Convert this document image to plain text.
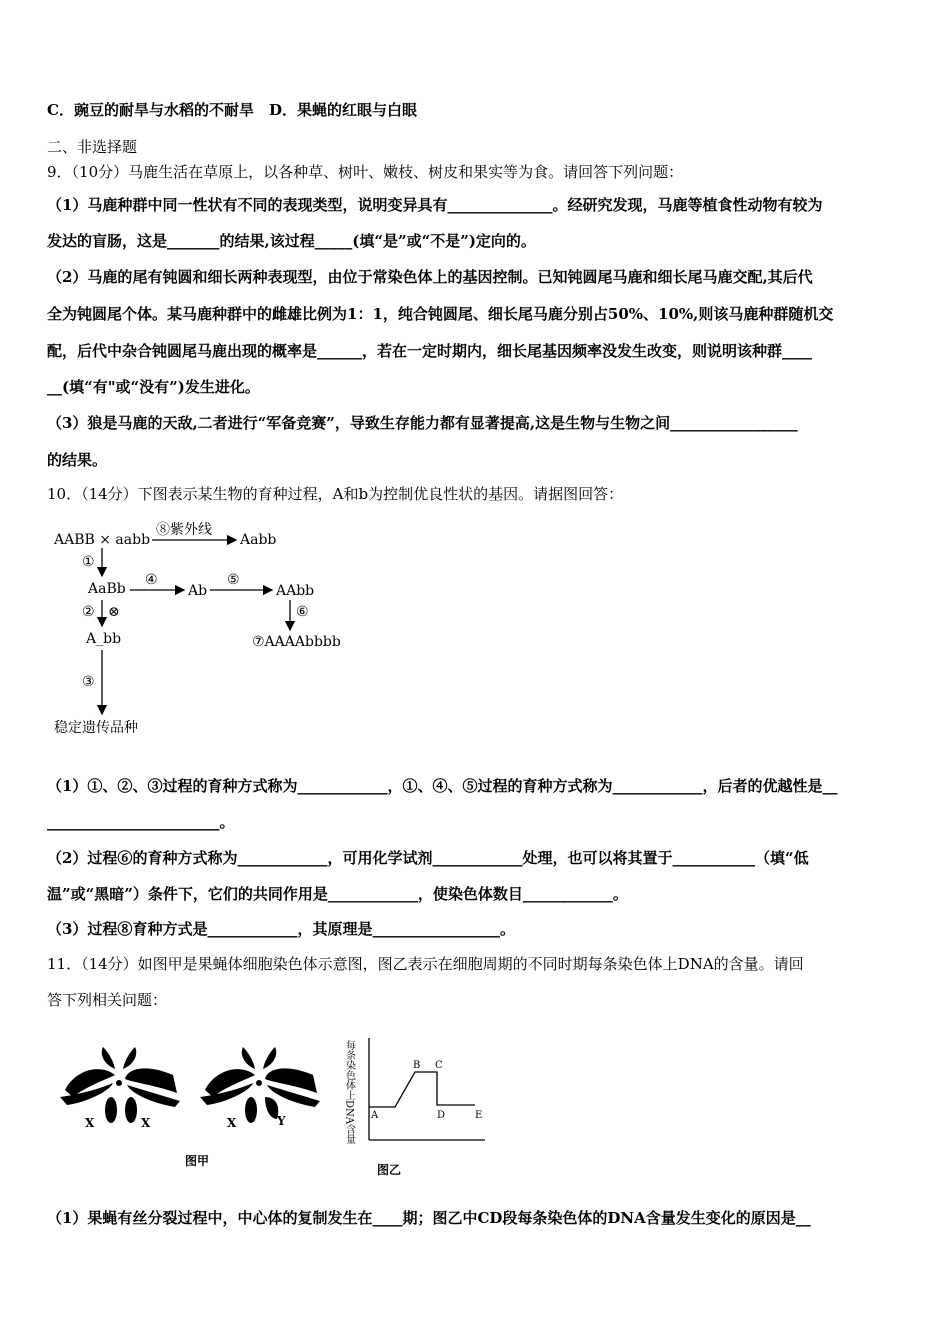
C．豌豆的耐旱与水稻的不耐旱　D．果蝇的红眼与白眼
二、非选择题
9．（10分）马鹿生活在草原上，以各种草、树叶、嫩枝、树皮和果实等为食。请回答下列问题：
（1）马鹿种群中同一性状有不同的表现类型，说明变异具有______________。经研究发现，马鹿等植食性动物有较为
发达的盲肠，这是_______的结果,该过程_____(填“是”或“不是”)定向的。
（2）马鹿的尾有钝圆和细长两种表现型，由位于常染色体上的基因控制。已知钝圆尾马鹿和细长尾马鹿交配,其后代
全为钝圆尾个体。某马鹿种群中的雌雄比例为1：1，纯合钝圆尾、细长尾马鹿分别占50%、10%,则该马鹿种群随机交
配，后代中杂合钝圆尾马鹿出现的概率是______，若在一定时期内，细长尾基因频率没发生改变，则说明该种群____
__(填“有"或“没有”)发生进化。
（3）狼是马鹿的天敌,二者进行“军备竞赛”，导致生存能力都有显著提高,这是生物与生物之间_________________
的结果。
10．（14分）下图表示某生物的育种过程，A和b为控制优良性状的基因。请据图回答：
AABB × aabb
⑧紫外线
Aabb
①
AaBb
④
Ab
⑤
AAbb
② ⊗	⑥
A_bb	⑦AAAAbbbb
③
稳定遗传品种
（1）①、②、③过程的育种方式称为____________，①、④、⑤过程的育种方式称为____________，后者的优越性是__
_______________________。
（2）过程⑥的育种方式称为____________，可用化学试剂____________处理，也可以将其置于___________（填“低
温”或“黑暗”）条件下，它们的共同作用是____________，使染色体数目____________。
（3）过程⑧育种方式是____________，其原理是_________________。
11．（14分）如图甲是果蝇体细胞染色体示意图，图乙表示在细胞周期的不同时期每条染色体上DNA的含量。请回
答下列相关问题：
X	X	X	Y
图甲
每条染色体上DNA含量 A
B C
D	E
图乙
（1）果蝇有丝分裂过程中，中心体的复制发生在____期；图乙中CD段每条染色体的DNA含量发生变化的原因是__
